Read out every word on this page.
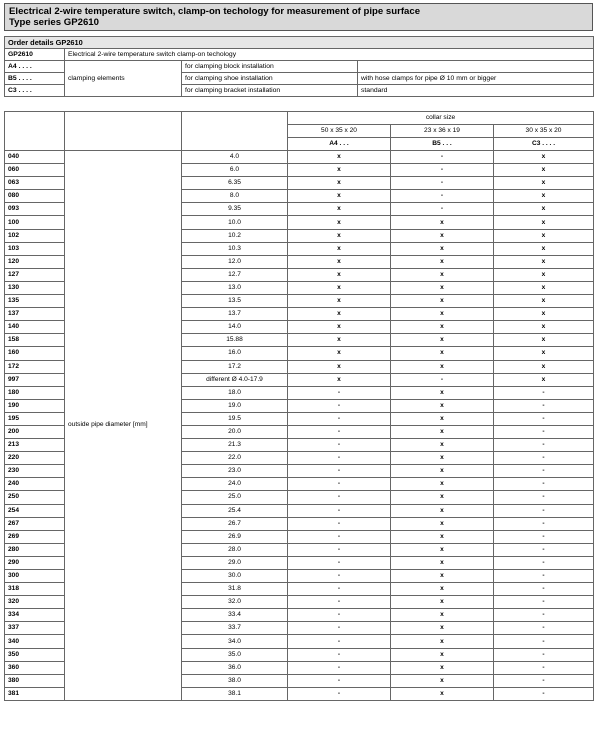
Electrical 2-wire temperature switch, clamp-on techology for measurement of pipe surface
Type series GP2610
Order details GP2610			
GP2610	Electrical 2-wire temperature switch clamp-on techology		
A4 . . . .	clamping elements	for clamping block installation	
B5 . . . .		for clamping shoe installation	with hose clamps for pipe Ø 10 mm or bigger
C3 . . . .		for clamping bracket installation	standard
			collar size		
			50 x 35 x 20	23 x 36 x 19	30 x 35 x 20
			A4 . . .	B5 . . .	C3 . . . .
040	outside pipe diameter [mm]	4.0	x	-	x
060		6.0	x	-	x
063		6.35	x	-	x
080		8.0	x	-	x
093		9.35	x	-	x
100		10.0	x	x	x
102		10.2	x	x	x
103		10.3	x	x	x
120		12.0	x	x	x
127		12.7	x	x	x
130		13.0	x	x	x
135		13.5	x	x	x
137		13.7	x	x	x
140		14.0	x	x	x
158		15.88	x	x	x
160		16.0	x	x	x
172		17.2	x	x	x
997		different Ø 4.0-17.9	x	-	x
180		18.0	-	x	-
190		19.0	-	x	-
195		19.5	-	x	-
200		20.0	-	x	-
213		21.3	-	x	-
220		22.0	-	x	-
230		23.0	-	x	-
240		24.0	-	x	-
250		25.0	-	x	-
254		25.4	-	x	-
267		26.7	-	x	-
269		26.9	-	x	-
280		28.0	-	x	-
290		29.0	-	x	-
300		30.0	-	x	-
318		31.8	-	x	-
320		32.0	-	x	-
334		33.4	-	x	-
337		33.7	-	x	-
340		34.0	-	x	-
350		35.0	-	x	-
360		36.0	-	x	-
380		38.0	-	x	-
381		38.1	-	x	-
